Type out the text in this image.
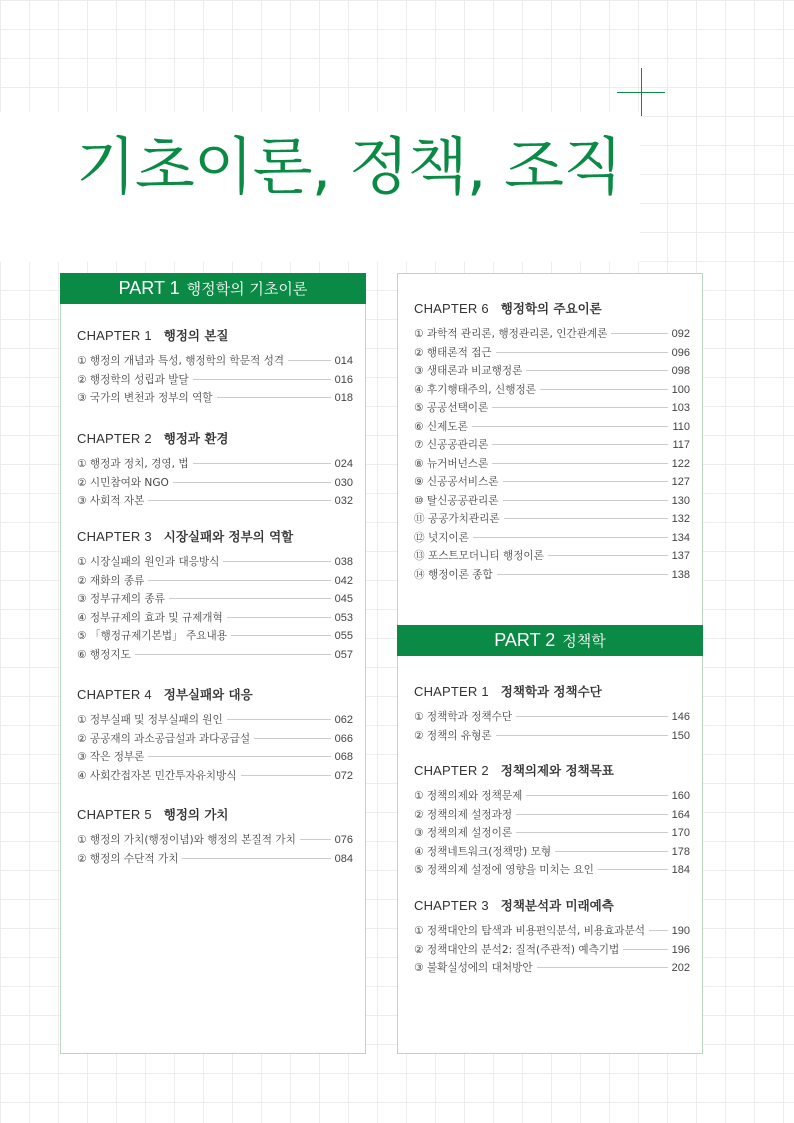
기초이론, 정책, 조직
PART 1 행정학의 기초이론
CHAPTER 1 행정의 본질
① 행정의 개념과 특성, 행정학의 학문적 성격	014
② 행정학의 성립과 발달	016
③ 국가의 변천과 정부의 역할	018
CHAPTER 2 행정과 환경
① 행정과 정치, 경영, 법	024
② 시민참여와 NGO	030
③ 사회적 자본	032
CHAPTER 3 시장실패와 정부의 역할
① 시장실패의 원인과 대응방식	038
② 재화의 종류	042
③ 정부규제의 종류	045
④ 정부규제의 효과 및 규제개혁	053
⑤ 「행정규제기본법」 주요내용	055
⑥ 행정지도	057
CHAPTER 4 정부실패와 대응
① 정부실패 및 정부실패의 원인	062
② 공공재의 과소공급설과 과다공급설	066
③ 작은 정부론	068
④ 사회간접자본 민간투자유치방식	072
CHAPTER 5 행정의 가치
① 행정의 가치(행정이념)와 행정의 본질적 가치	076
② 행정의 수단적 가치	084
CHAPTER 6 행정학의 주요이론
① 과학적 관리론, 행정관리론, 인간관계론	092
② 행태론적 접근	096
③ 생태론과 비교행정론	098
④ 후기행태주의, 신행정론	100
⑤ 공공선택이론	103
⑥ 신제도론	110
⑦ 신공공관리론	117
⑧ 뉴거버넌스론	122
⑨ 신공공서비스론	127
⑩ 탈신공공관리론	130
⑪ 공공가치관리론	132
⑫ 넛지이론	134
⑬ 포스트모더니티 행정이론	137
⑭ 행정이론 종합	138
PART 2 정책학
CHAPTER 1 정책학과 정책수단
① 정책학과 정책수단	146
② 정책의 유형론	150
CHAPTER 2 정책의제와 정책목표
① 정책의제와 정책문제	160
② 정책의제 설정과정	164
③ 정책의제 설정이론	170
④ 정책네트워크(정책망) 모형	178
⑤ 정책의제 설정에 영향을 미치는 요인	184
CHAPTER 3 정책분석과 미래예측
① 정책대안의 탐색과 비용편익분석, 비용효과분석 190
② 정책대안의 분석2: 질적(주관적) 예측기법	196
③ 불확실성에의 대처방안	202
